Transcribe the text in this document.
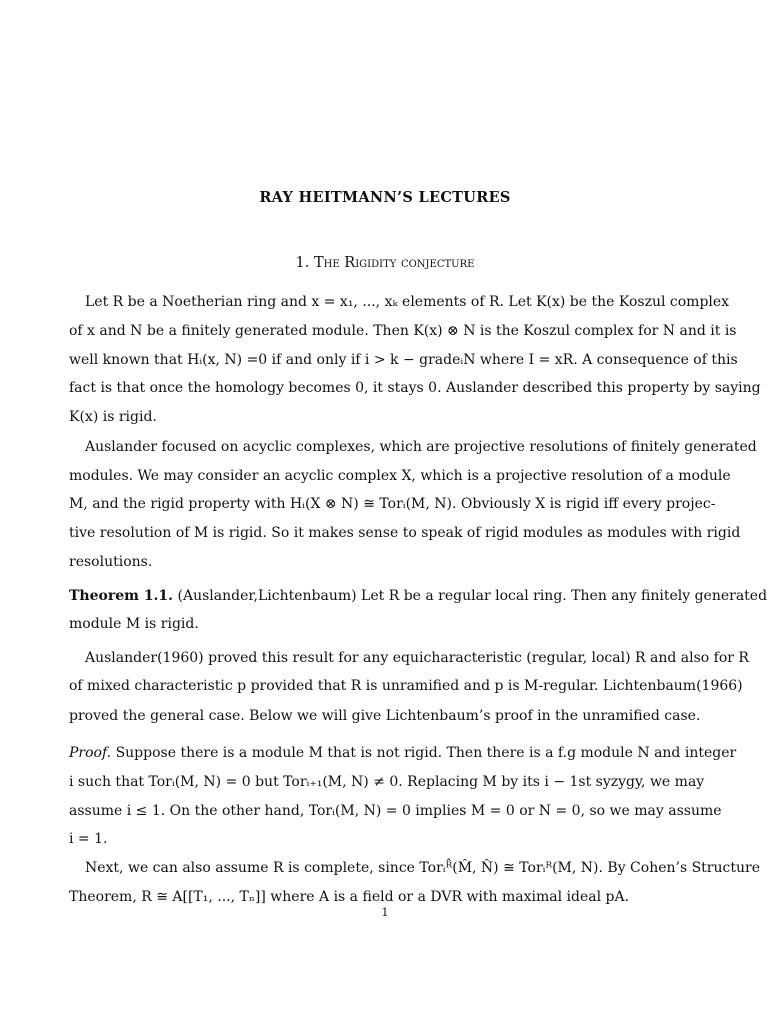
RAY HEITMANN’S LECTURES
1. The Rigidity conjecture
Let R be a Noetherian ring and x = x₁, ..., xₖ elements of R. Let K(x) be the Koszul complex
of x and N be a finitely generated module. Then K(x) ⊗ N is the Koszul complex for N and it is
well known that Hᵢ(x, N) =0 if and only if i > k − gradeᵢN where I = xR. A consequence of this
fact is that once the homology becomes 0, it stays 0. Auslander described this property by saying
K(x) is rigid.
Auslander focused on acyclic complexes, which are projective resolutions of finitely generated
modules. We may consider an acyclic complex X, which is a projective resolution of a module
M, and the rigid property with Hᵢ(X ⊗ N) ≅ Torᵢ(M, N). Obviously X is rigid iff every projec-
tive resolution of M is rigid. So it makes sense to speak of rigid modules as modules with rigid
resolutions.
Theorem 1.1. (Auslander,Lichtenbaum) Let R be a regular local ring. Then any finitely generated
module M is rigid.
Auslander(1960) proved this result for any equicharacteristic (regular, local) R and also for R
of mixed characteristic p provided that R is unramified and p is M-regular. Lichtenbaum(1966)
proved the general case. Below we will give Lichtenbaum’s proof in the unramified case.
Proof. Suppose there is a module M that is not rigid. Then there is a f.g module N and integer
i such that Torᵢ(M, N) = 0 but Torᵢ₊₁(M, N) ≠ 0. Replacing M by its i − 1st syzygy, we may
assume i ≤ 1. On the other hand, Torᵢ(M, N) = 0 implies M = 0 or N = 0, so we may assume
i = 1.
Next, we can also assume R is complete, since Torᵢᴿ̂(M̂, N̂) ≅ Torᵢᴿ(M, N). By Cohen’s Structure
Theorem, R ≅ A[[T₁, ..., Tₙ]] where A is a field or a DVR with maximal ideal pA.
1
